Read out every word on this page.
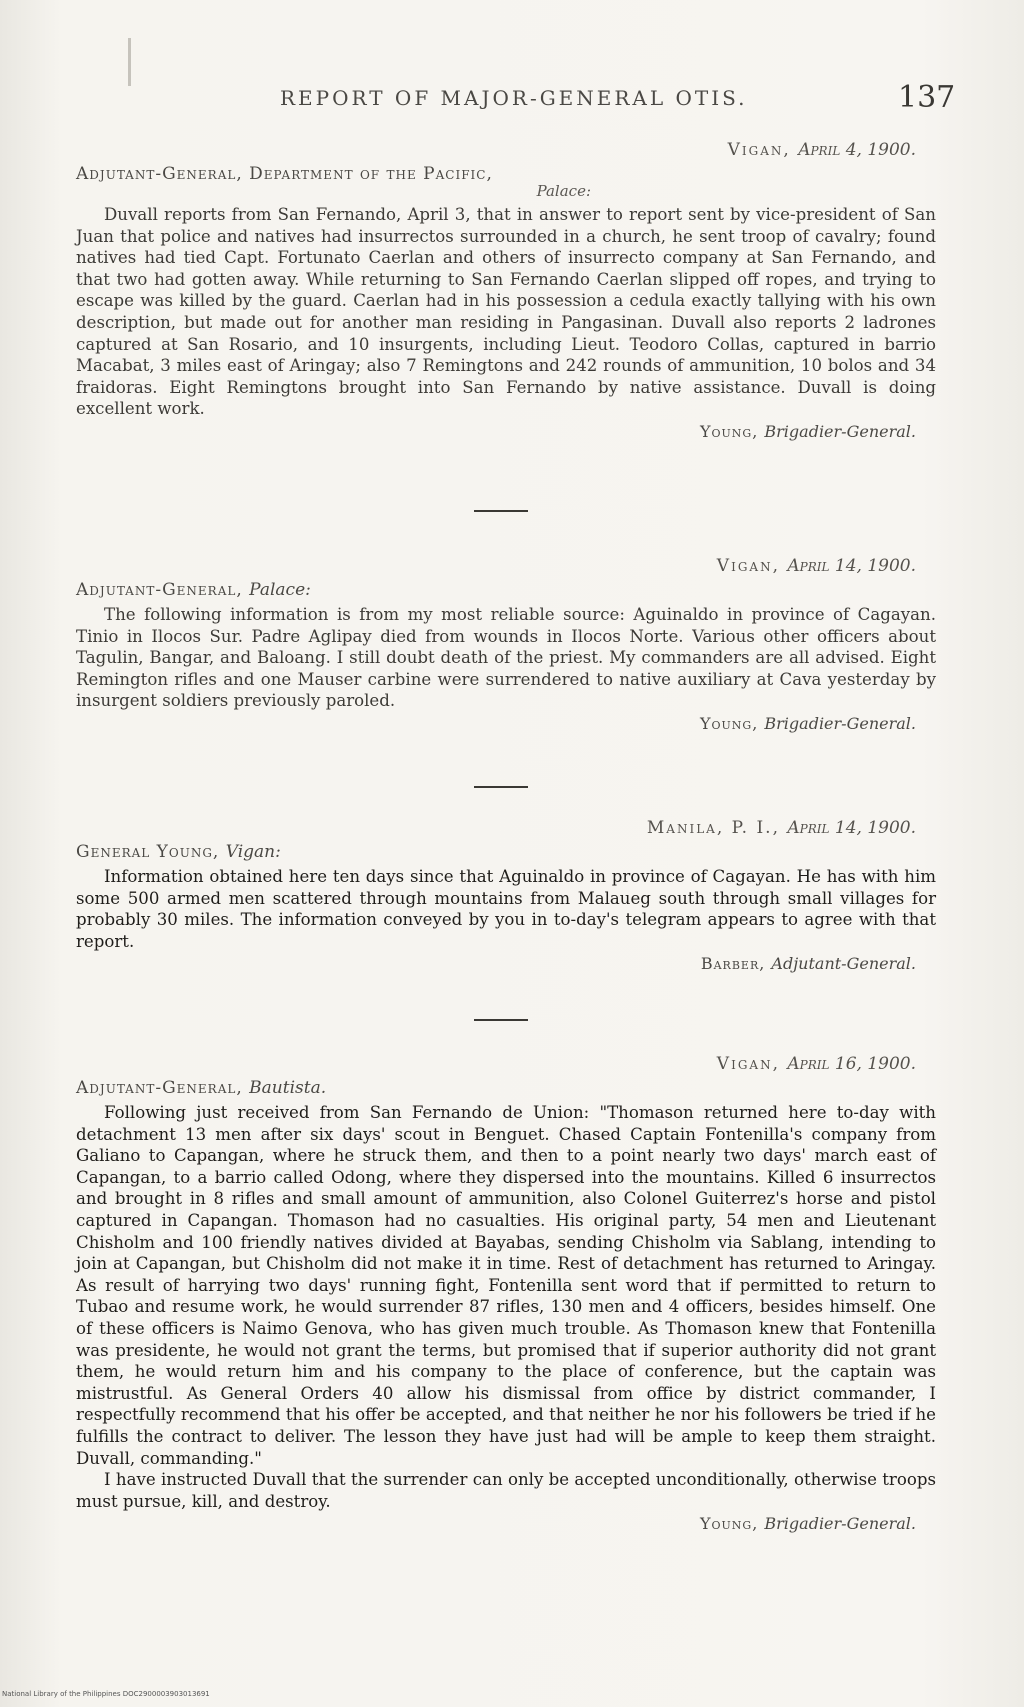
REPORT OF MAJOR-GENERAL OTIS.	137
Vigan, April 4, 1900.
Adjutant-General, Department of the Pacific,
Palace:

Duvall reports from San Fernando, April 3, that in answer to report sent by vice-president of San Juan that police and natives had insurrectos surrounded in a church, he sent troop of cavalry; found natives had tied Capt. Fortunato Caerlan and others of insurrecto company at San Fernando, and that two had gotten away. While returning to San Fernando Caerlan slipped off ropes, and trying to escape was killed by the guard. Caerlan had in his possession a cedula exactly tallying with his own description, but made out for another man residing in Pangasinan. Duvall also reports 2 ladrones captured at San Rosario, and 10 insurgents, including Lieut. Teodoro Collas, captured in barrio Macabat, 3 miles east of Aringay; also 7 Remingtons and 242 rounds of ammunition, 10 bolos and 34 fraidoras. Eight Remingtons brought into San Fernando by native assistance. Duvall is doing excellent work.

Young, Brigadier-General.
Vigan, April 14, 1900.
Adjutant-General, Palace:

The following information is from my most reliable source: Aguinaldo in province of Cagayan. Tinio in Ilocos Sur. Padre Aglipay died from wounds in Ilocos Norte. Various other officers about Tagulin, Bangar, and Baloang. I still doubt death of the priest. My commanders are all advised. Eight Remington rifles and one Mauser carbine were surrendered to native auxiliary at Cava yesterday by insurgent soldiers previously paroled.

Young, Brigadier-General.
Manila, P. I., April 14, 1900.
General Young, Vigan:

Information obtained here ten days since that Aguinaldo in province of Cagayan. He has with him some 500 armed men scattered through mountains from Malaueg south through small villages for probably 30 miles. The information conveyed by you in to-day's telegram appears to agree with that report.

Barber, Adjutant-General.
Vigan, April 16, 1900.
Adjutant-General, Bautista.

Following just received from San Fernando de Union: "Thomason returned here to-day with detachment 13 men after six days' scout in Benguet. Chased Captain Fontenilla's company from Galiano to Capangan, where he struck them, and then to a point nearly two days' march east of Capangan, to a barrio called Odong, where they dispersed into the mountains. Killed 6 insurrectos and brought in 8 rifles and small amount of ammunition, also Colonel Guiterrez's horse and pistol captured in Capangan. Thomason had no casualties. His original party, 54 men and Lieutenant Chisholm and 100 friendly natives divided at Bayabas, sending Chisholm via Sablang, intending to join at Capangan, but Chisholm did not make it in time. Rest of detachment has returned to Aringay. As result of harrying two days' running fight, Fontenilla sent word that if permitted to return to Tubao and resume work, he would surrender 87 rifles, 130 men and 4 officers, besides himself. One of these officers is Naimo Genova, who has given much trouble. As Thomason knew that Fontenilla was presidente, he would not grant the terms, but promised that if superior authority did not grant them, he would return him and his company to the place of conference, but the captain was mistrustful. As General Orders 40 allow his dismissal from office by district commander, I respectfully recommend that his offer be accepted, and that neither he nor his followers be tried if he fulfills the contract to deliver. The lesson they have just had will be ample to keep them straight. Duvall, commanding."

I have instructed Duvall that the surrender can only be accepted unconditionally, otherwise troops must pursue, kill, and destroy.

Young, Brigadier-General.
National Library of the Philippines DOC2900003903013691
